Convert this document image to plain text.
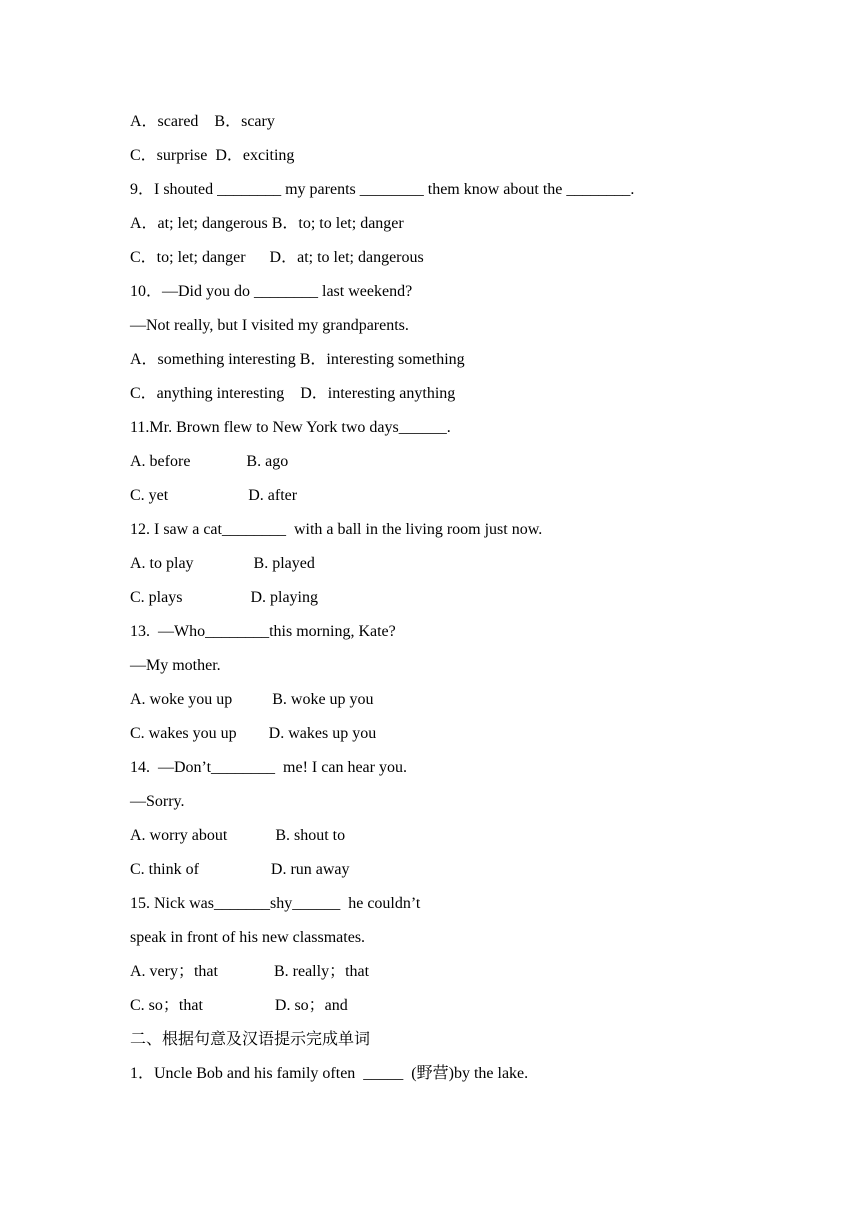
A．scared    B．scary
C．surprise  D．exciting
9．I shouted ________ my parents ________ them know about the ________.
A．at; let; dangerous B．to; to let; danger
C．to; let; danger      D．at; to let; dangerous
10．—Did you do ________ last weekend?
—Not really, but I visited my grandparents.
A．something interesting B．interesting something
C．anything interesting    D．interesting anything
11.Mr. Brown flew to New York two days______.
A. before              B. ago
C. yet                    D. after
12. I saw a cat________  with a ball in the living room just now.
A. to play               B. played
C. plays                 D. playing
13.  —Who________this morning, Kate?
—My mother.
A. woke you up          B. woke up you
C. wakes you up        D. wakes up you
14.  —Don’t________  me! I can hear you.
—Sorry.
A. worry about            B. shout to
C. think of                  D. run away
15. Nick was_______shy______  he couldn’t
speak in front of his new classmates.
A. very；that              B. really；that
C. so；that                  D. so；and
二、根据句意及汉语提示完成单词
1．Uncle Bob and his family often  _____  (野营)by the lake.
